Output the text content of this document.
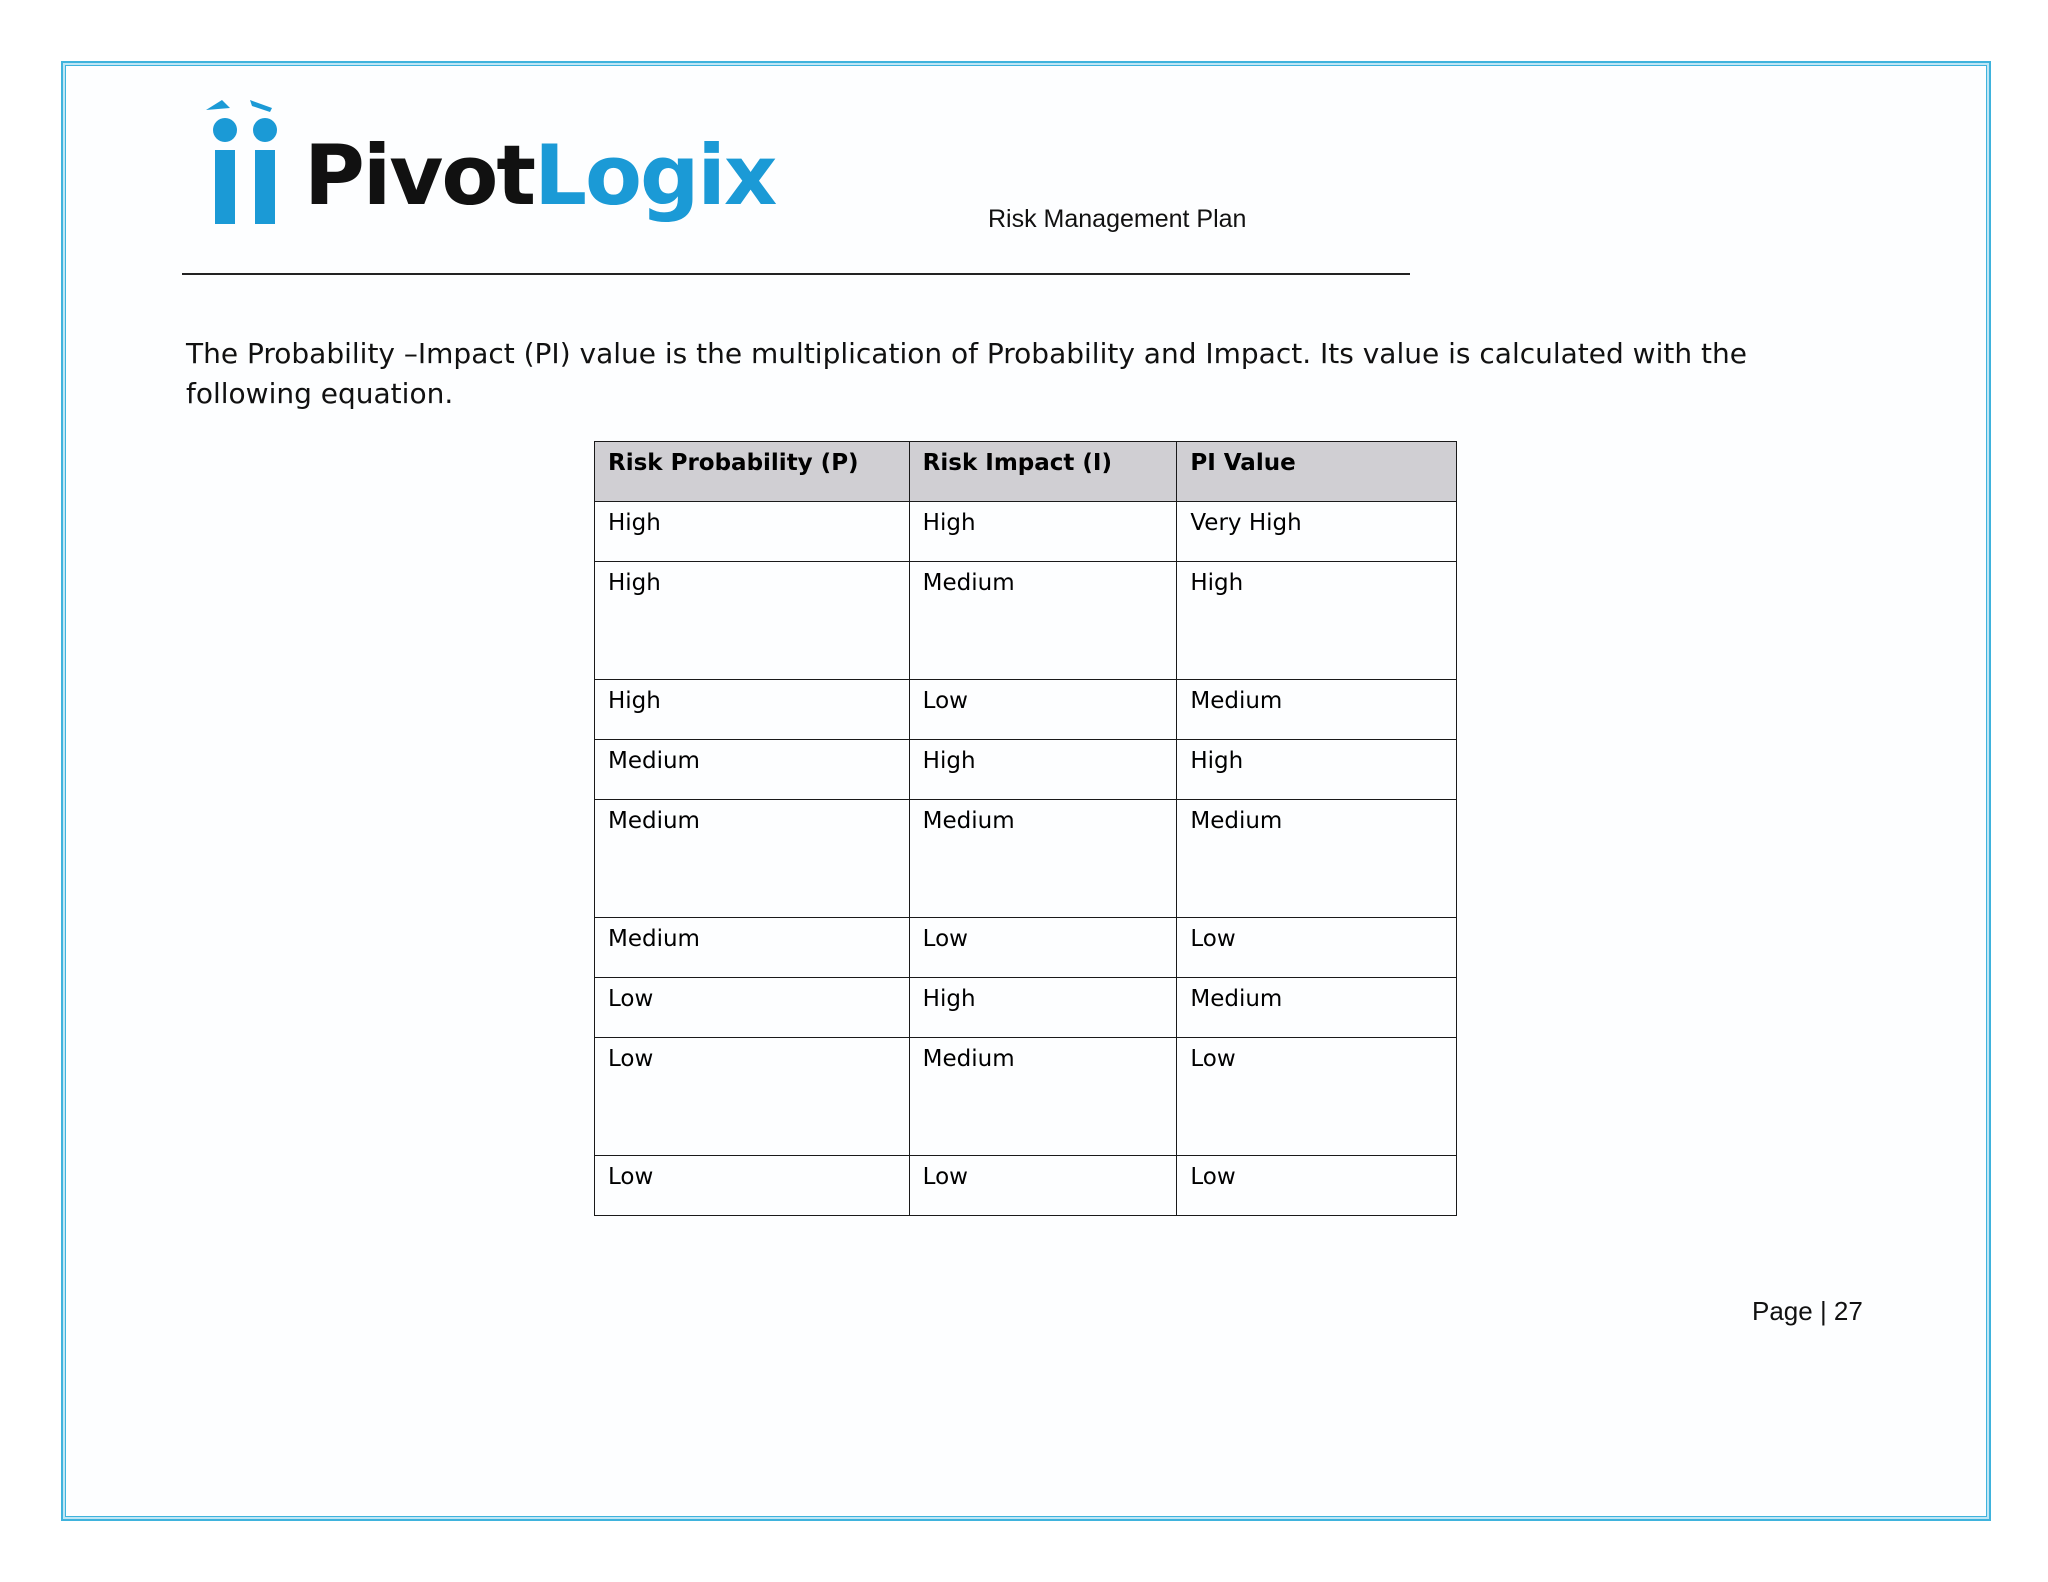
PivotLogix	Risk Management Plan
The Probability –Impact (PI) value is the multiplication of Probability and Impact. Its value is calculated with the following equation.
Risk Probability (P)	Risk Impact (I)	PI Value
High	High	Very High
High	Medium	High
High	Low	Medium
Medium	High	High
Medium	Medium	Medium
Medium	Low	Low
Low	High	Medium
Low	Medium	Low
Low	Low	Low
Page | 27
